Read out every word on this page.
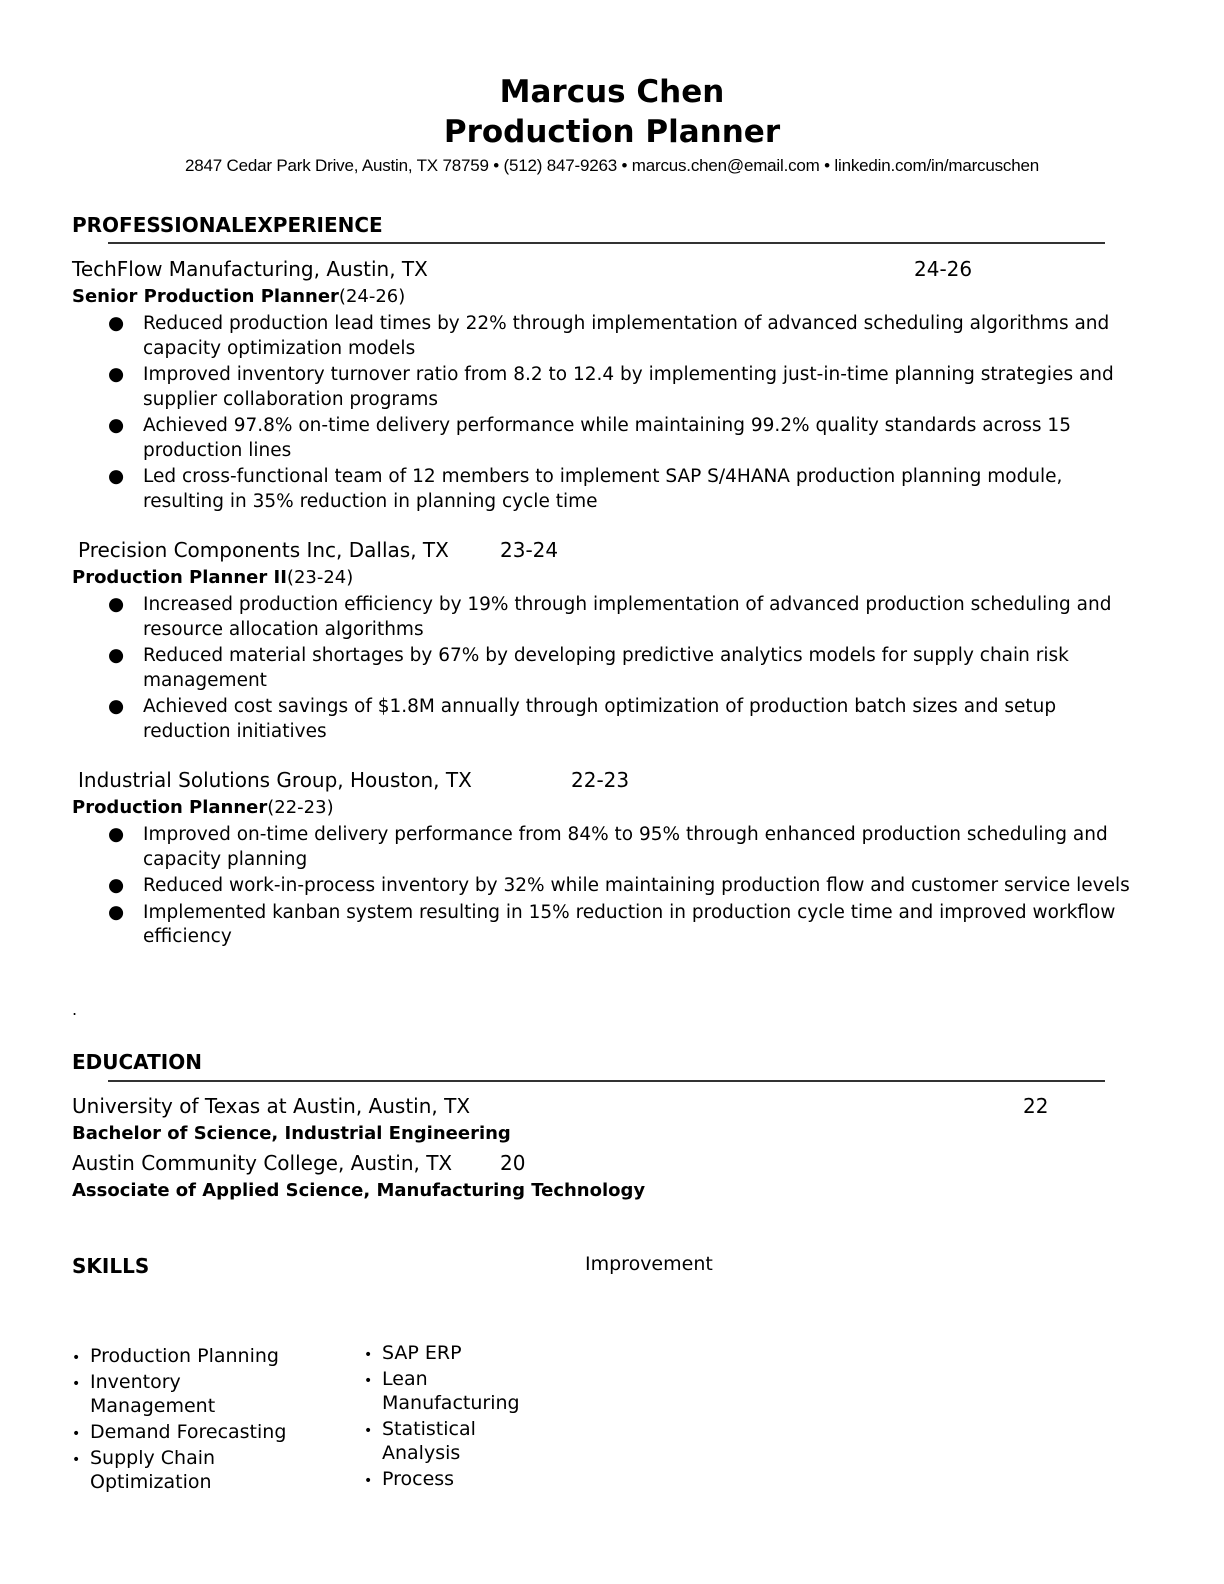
Marcus Chen
Production Planner
2847 Cedar Park Drive, Austin, TX 78759 • (512) 847-9263 • marcus.chen@email.com • linkedin.com/in/marcuschen
PROFESSIONALEXPERIENCE
TechFlow Manufacturing, Austin, TX	24-26
Senior Production Planner(24-26)
● Reduced production lead times by 22% through implementation of advanced scheduling algorithms and capacity optimization models
● Improved inventory turnover ratio from 8.2 to 12.4 by implementing just-in-time planning strategies and supplier collaboration programs
● Achieved 97.8% on-time delivery performance while maintaining 99.2% quality standards across 15 production lines
● Led cross-functional team of 12 members to implement SAP S/4HANA production planning module, resulting in 35% reduction in planning cycle time
Precision Components Inc, Dallas, TX	23-24
Production Planner II(23-24)
● Increased production efficiency by 19% through implementation of advanced production scheduling and resource allocation algorithms
● Reduced material shortages by 67% by developing predictive analytics models for supply chain risk management
● Achieved cost savings of $1.8M annually through optimization of production batch sizes and setup reduction initiatives
Industrial Solutions Group, Houston, TX	22-23
Production Planner(22-23)
● Improved on-time delivery performance from 84% to 95% through enhanced production scheduling and capacity planning
● Reduced work-in-process inventory by 32% while maintaining production flow and customer service levels
● Implemented kanban system resulting in 15% reduction in production cycle time and improved workflow efficiency
.
EDUCATION
University of Texas at Austin, Austin, TX	22
Bachelor of Science, Industrial Engineering
Austin Community College, Austin, TX 20
Associate of Applied Science, Manufacturing Technology
SKILLS	Improvement
• Production Planning
• Inventory Management
• Demand Forecasting
• Supply Chain Optimization
• SAP ERP
• Lean Manufacturing
• Statistical Analysis
• Process
